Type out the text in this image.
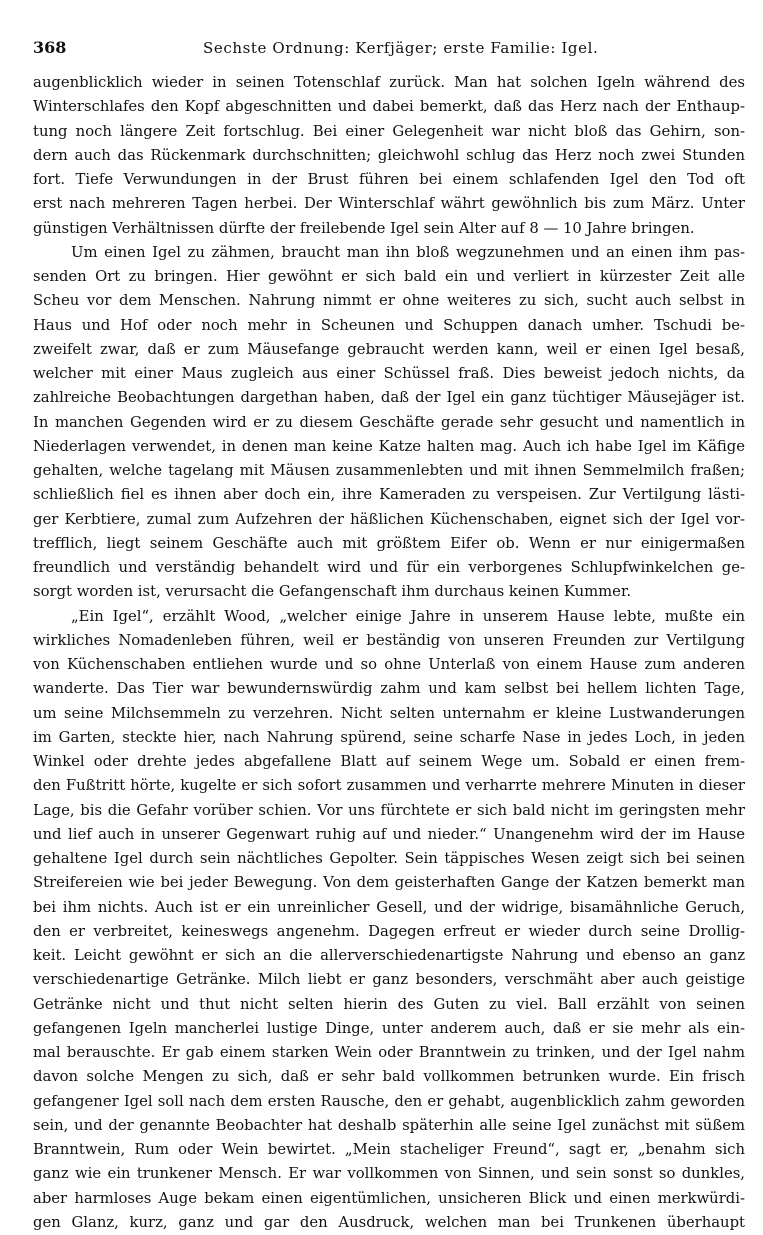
368	Sechste Ordnung: Kerfjäger; erste Familie: Igel.
augenblicklich wieder in seinen Totenschlaf zurück. Man hat solchen Igeln während des
Winterschlafes den Kopf abgeschnitten und dabei bemerkt, daß das Herz nach der Enthaup-
tung noch längere Zeit fortschlug. Bei einer Gelegenheit war nicht bloß das Gehirn, son-
dern auch das Rückenmark durchschnitten; gleichwohl schlug das Herz noch zwei Stunden
fort. Tiefe Verwundungen in der Brust führen bei einem schlafenden Igel den Tod oft
erst nach mehreren Tagen herbei. Der Winterschlaf währt gewöhnlich bis zum März. Unter
günstigen Verhältnissen dürfte der freilebende Igel sein Alter auf 8 — 10 Jahre bringen.
Um einen Igel zu zähmen, braucht man ihn bloß wegzunehmen und an einen ihm pas-
senden Ort zu bringen. Hier gewöhnt er sich bald ein und verliert in kürzester Zeit alle
Scheu vor dem Menschen. Nahrung nimmt er ohne weiteres zu sich, sucht auch selbst in
Haus und Hof oder noch mehr in Scheunen und Schuppen danach umher. Tschudi be-
zweifelt zwar, daß er zum Mäusefange gebraucht werden kann, weil er einen Igel besaß,
welcher mit einer Maus zugleich aus einer Schüssel fraß. Dies beweist jedoch nichts, da
zahlreiche Beobachtungen dargethan haben, daß der Igel ein ganz tüchtiger Mäusejäger ist.
In manchen Gegenden wird er zu diesem Geschäfte gerade sehr gesucht und namentlich in
Niederlagen verwendet, in denen man keine Katze halten mag. Auch ich habe Igel im Käfige
gehalten, welche tagelang mit Mäusen zusammenlebten und mit ihnen Semmelmilch fraßen;
schließlich fiel es ihnen aber doch ein, ihre Kameraden zu verspeisen. Zur Vertilgung lästi-
ger Kerbtiere, zumal zum Aufzehren der häßlichen Küchenschaben, eignet sich der Igel vor-
trefflich, liegt seinem Geschäfte auch mit größtem Eifer ob. Wenn er nur einigermaßen
freundlich und verständig behandelt wird und für ein verborgenes Schlupfwinkelchen ge-
sorgt worden ist, verursacht die Gefangenschaft ihm durchaus keinen Kummer.
„Ein Igel“, erzählt Wood, „welcher einige Jahre in unserem Hause lebte, mußte ein
wirkliches Nomadenleben führen, weil er beständig von unseren Freunden zur Vertilgung
von Küchenschaben entliehen wurde und so ohne Unterlaß von einem Hause zum anderen
wanderte. Das Tier war bewundernswürdig zahm und kam selbst bei hellem lichten Tage,
um seine Milchsemmeln zu verzehren. Nicht selten unternahm er kleine Lustwanderungen
im Garten, steckte hier, nach Nahrung spürend, seine scharfe Nase in jedes Loch, in jeden
Winkel oder drehte jedes abgefallene Blatt auf seinem Wege um. Sobald er einen frem-
den Fußtritt hörte, kugelte er sich sofort zusammen und verharrte mehrere Minuten in dieser
Lage, bis die Gefahr vorüber schien. Vor uns fürchtete er sich bald nicht im geringsten mehr
und lief auch in unserer Gegenwart ruhig auf und nieder.“ Unangenehm wird der im Hause
gehaltene Igel durch sein nächtliches Gepolter. Sein täppisches Wesen zeigt sich bei seinen
Streifereien wie bei jeder Bewegung. Von dem geisterhaften Gange der Katzen bemerkt man
bei ihm nichts. Auch ist er ein unreinlicher Gesell, und der widrige, bisamähnliche Geruch,
den er verbreitet, keineswegs angenehm. Dagegen erfreut er wieder durch seine Drollig-
keit. Leicht gewöhnt er sich an die allerverschiedenartigste Nahrung und ebenso an ganz
verschiedenartige Getränke. Milch liebt er ganz besonders, verschmäht aber auch geistige
Getränke nicht und thut nicht selten hierin des Guten zu viel. Ball erzählt von seinen
gefangenen Igeln mancherlei lustige Dinge, unter anderem auch, daß er sie mehr als ein-
mal berauschte. Er gab einem starken Wein oder Branntwein zu trinken, und der Igel nahm
davon solche Mengen zu sich, daß er sehr bald vollkommen betrunken wurde. Ein frisch
gefangener Igel soll nach dem ersten Rausche, den er gehabt, augenblicklich zahm geworden
sein, und der genannte Beobachter hat deshalb späterhin alle seine Igel zunächst mit süßem
Branntwein, Rum oder Wein bewirtet. „Mein stacheliger Freund“, sagt er, „benahm sich
ganz wie ein trunkener Mensch. Er war vollkommen von Sinnen, und sein sonst so dunkles,
aber harmloses Auge bekam einen eigentümlichen, unsicheren Blick und einen merkwürdi-
gen Glanz, kurz, ganz und gar den Ausdruck, welchen man bei Trunkenen überhaupt
